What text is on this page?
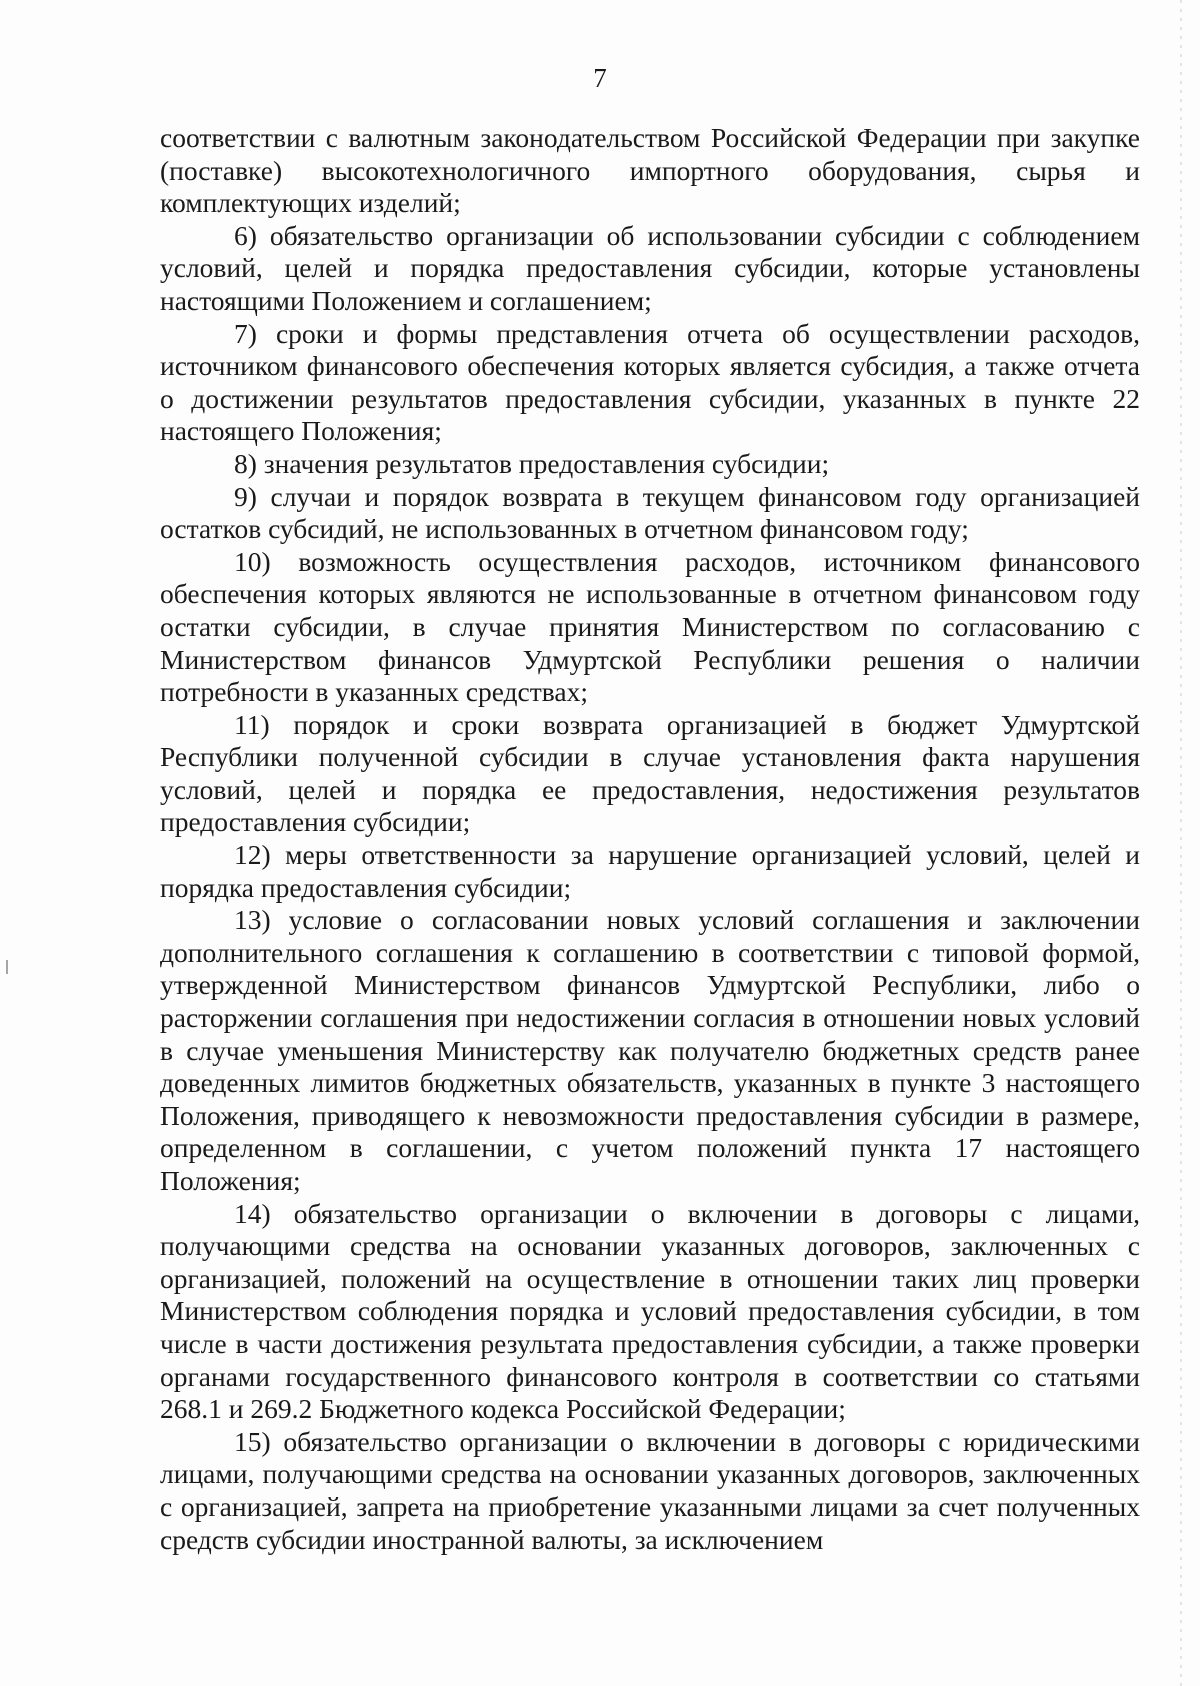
7

соответствии с валютным законодательством Российской Федерации при закупке (поставке) высокотехнологичного импортного оборудования, сырья и комплектующих изделий;

6) обязательство организации об использовании субсидии с соблюдением условий, целей и порядка предоставления субсидии, которые установлены настоящими Положением и соглашением;

7) сроки и формы представления отчета об осуществлении расходов, источником финансового обеспечения которых является субсидия, а также отчета о достижении результатов предоставления субсидии, указанных в пункте 22 настоящего Положения;

8) значения результатов предоставления субсидии;

9) случаи и порядок возврата в текущем финансовом году организацией остатков субсидий, не использованных в отчетном финансовом году;

10) возможность осуществления расходов, источником финансового обеспечения которых являются не использованные в отчетном финансовом году остатки субсидии, в случае принятия Министерством по согласованию с Министерством финансов Удмуртской Республики решения о наличии потребности в указанных средствах;

11) порядок и сроки возврата организацией в бюджет Удмуртской Республики полученной субсидии в случае установления факта нарушения условий, целей и порядка ее предоставления, недостижения результатов предоставления субсидии;

12) меры ответственности за нарушение организацией условий, целей и порядка предоставления субсидии;

13) условие о согласовании новых условий соглашения и заключении дополнительного соглашения к соглашению в соответствии с типовой формой, утвержденной Министерством финансов Удмуртской Республики, либо о расторжении соглашения при недостижении согласия в отношении новых условий в случае уменьшения Министерству как получателю бюджетных средств ранее доведенных лимитов бюджетных обязательств, указанных в пункте 3 настоящего Положения, приводящего к невозможности предоставления субсидии в размере, определенном в соглашении, с учетом положений пункта 17 настоящего Положения;

14) обязательство организации о включении в договоры с лицами, получающими средства на основании указанных договоров, заключенных с организацией, положений на осуществление в отношении таких лиц проверки Министерством соблюдения порядка и условий предоставления субсидии, в том числе в части достижения результата предоставления субсидии, а также проверки органами государственного финансового контроля в соответствии со статьями 268.1 и 269.2 Бюджетного кодекса Российской Федерации;

15) обязательство организации о включении в договоры с юридическими лицами, получающими средства на основании указанных договоров, заключенных с организацией, запрета на приобретение указанными лицами за счет полученных средств субсидии иностранной валюты, за исключением
